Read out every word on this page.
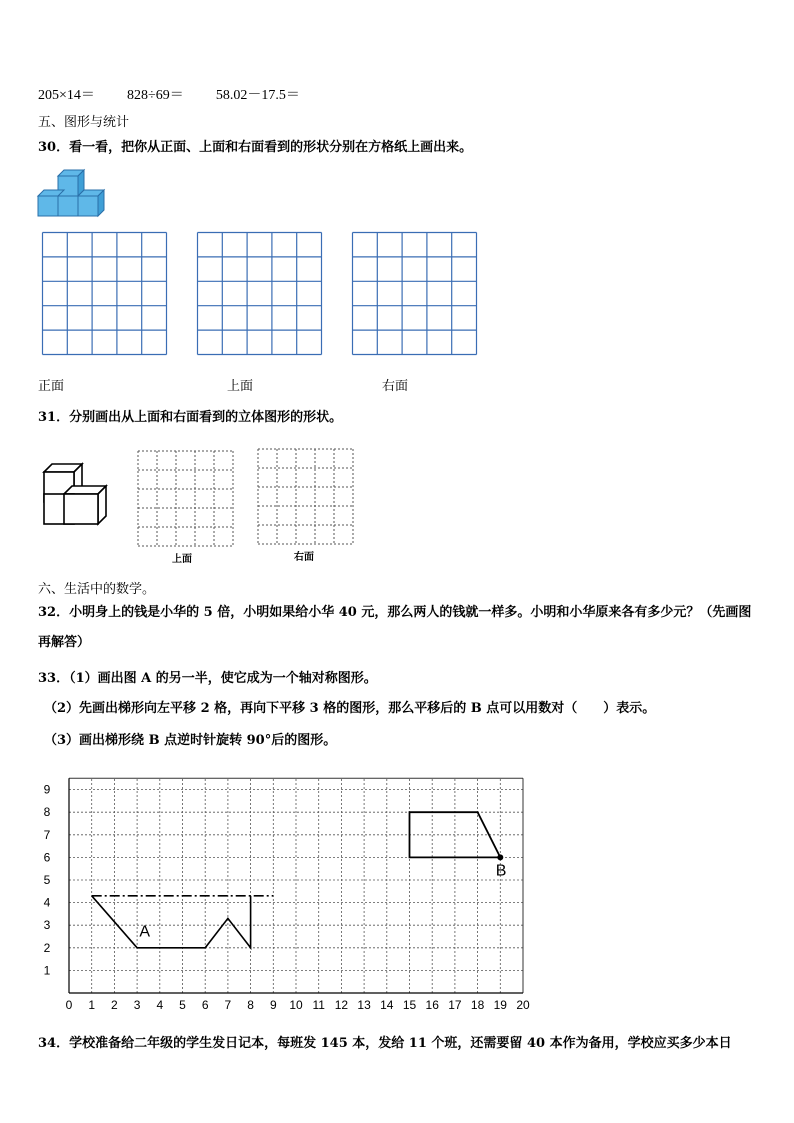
205×14＝ 828÷69＝ 58.02－17.5＝
五、图形与统计
30．看一看，把你从正面、上面和右面看到的形状分别在方格纸上画出来。
正面	上面	右面
31．分别画出从上面和右面看到的立体图形的形状。
上面	右面
六、生活中的数学。
32．小明身上的钱是小华的 5 倍，小明如果给小华 40 元，那么两人的钱就一样多。小明和小华原来各有多少元？（先画图再解答）
33．（1）画出图 A 的另一半，使它成为一个轴对称图形。
（2）先画出梯形向左平移 2 格，再向下平移 3 格的图形，那么平移后的 B 点可以用数对（　　）表示。
（3）画出梯形绕 B 点逆时针旋转 90°后的图形。
0 1 2 3 4 5 6 7 8 9 10 11 12 13 14 15 16 17 18 19 20
1
2
3
4
5
6
7
8
9
A
B
34．学校准备给二年级的学生发日记本，每班发 145 本，发给 11 个班，还需要留 40 本作为备用，学校应买多少本日
